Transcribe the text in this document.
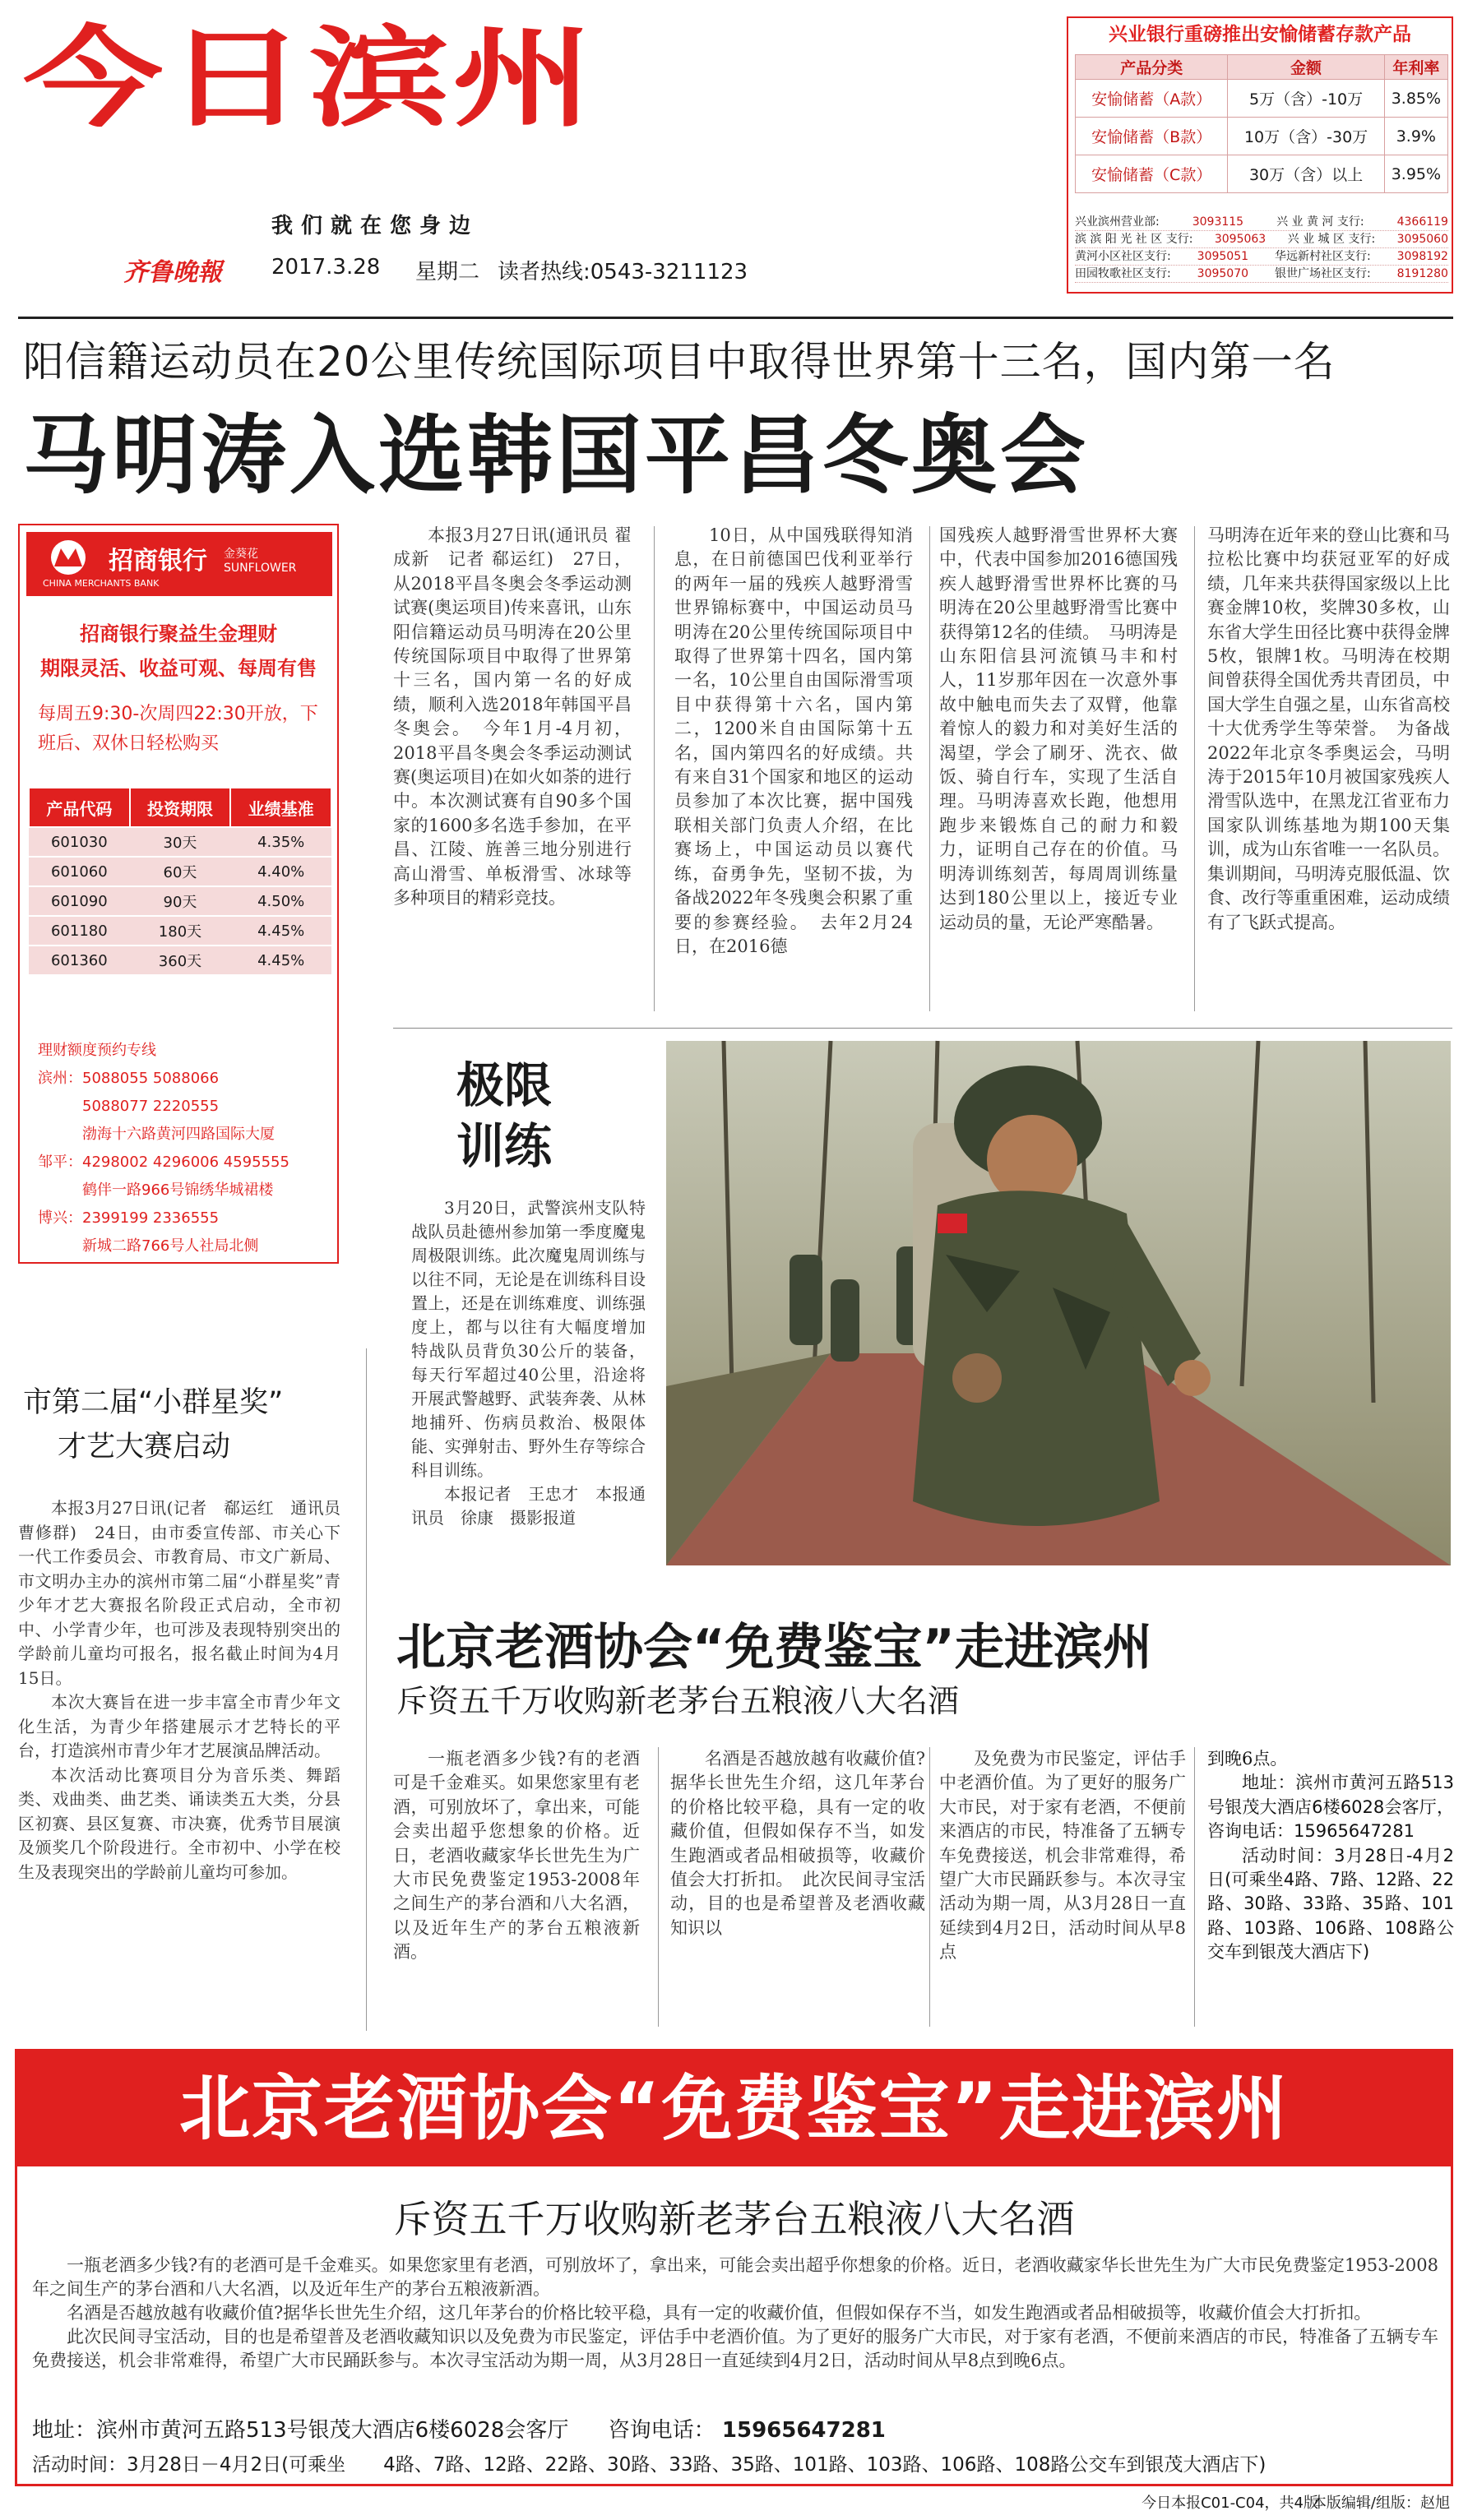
今日滨州
我们就在您身边
齐鲁晚報 2017.3.28 星期二 读者热线:0543-3211123
兴业银行重磅推出安愉储蓄存款产品
产品分类	金额	年利率
安愉储蓄（A款）	5万（含）-10万	3.85%
安愉储蓄（B款）	10万（含）-30万	3.9%
安愉储蓄（C款）	30万（含）以上	3.95%
兴业滨州营业部:	3093115	兴 业 黄 河 支行:	4366119
滨 滨 阳 光 社 区 支行: 3095063 兴 业 城 区 支行: 3095060
黄河小区社区支行: 3095051 华远新村社区支行: 3098192
田园牧歌社区支行: 3095070 银世广场社区支行: 8191280
阳信籍运动员在20公里传统国际项目中取得世界第十三名，国内第一名
马明涛入选韩国平昌冬奥会
招商银行
CHINA MERCHANTS BANK
金葵花 SUNFLOWER
招商银行聚益生金理财
期限灵活、收益可观、每周有售
每周五9:30-次周四22:30开放，下班后、双休日轻松购买
产品代码	投资期限	业绩基准
601030	30天	4.35%
601060	60天	4.40%
601090	90天	4.50%
601180	180天	4.45%
601360	360天	4.45%
理财额度预约专线
滨州：5088055 5088066
　　　5088077 2220555
　　　渤海十六路黄河四路国际大厦
邹平：4298002 4296006 4595555
　　　鹤伴一路966号锦绣华城裙楼
博兴：2399199 2336555
　　　新城二路766号人社局北侧
本报3月27日讯(通讯员 翟成新　记者 郗运红)　27日，从2018平昌冬奥会冬季运动测试赛(奥运项目)传来喜讯，山东阳信籍运动员马明涛在20公里传统国际项目中取得了世界第十三名，国内第一名的好成绩，顺利入选2018年韩国平昌冬奥会。　今年1月-4月初，2018平昌冬奥会冬季运动测试赛(奥运项目)在如火如荼的进行中。本次测试赛有自90多个国家的1600多名选手参加，在平昌、江陵、旌善三地分别进行高山滑雪、单板滑雪、冰球等多种项目的精彩竞技。
10日，从中国残联得知消息，在日前德国巴伐利亚举行的两年一届的残疾人越野滑雪世界锦标赛中，中国运动员马明涛在20公里传统国际项目中取得了世界第十四名，国内第一名，10公里自由国际滑雪项目中获得第十六名，国内第二，1200米自由国际第十五名，国内第四名的好成绩。共有来自31个国家和地区的运动员参加了本次比赛，据中国残联相关部门负责人介绍，在比赛场上，中国运动员以赛代练，奋勇争先，坚韧不拔，为备战2022年冬残奥会积累了重要的参赛经验。　去年2月24日，在2016德
国残疾人越野滑雪世界杯大赛中，代表中国参加2016德国残疾人越野滑雪世界杯比赛的马明涛在20公里越野滑雪比赛中获得第12名的佳绩。　马明涛是山东阳信县河流镇马丰和村人，11岁那年因在一次意外事故中触电而失去了双臂，他靠着惊人的毅力和对美好生活的渴望，学会了刷牙、洗衣、做饭、骑自行车，实现了生活自理。马明涛喜欢长跑，他想用跑步来锻炼自己的耐力和毅力，证明自己存在的价值。马明涛训练刻苦，每周周训练量达到180公里以上，接近专业运动员的量，无论严寒酷暑。
马明涛在近年来的登山比赛和马拉松比赛中均获冠亚军的好成绩，几年来共获得国家级以上比赛金牌10枚，奖牌30多枚，山东省大学生田径比赛中获得金牌5枚，银牌1枚。马明涛在校期间曾获得全国优秀共青团员，中国大学生自强之星，山东省高校十大优秀学生等荣誉。　为备战2022年北京冬季奥运会，马明涛于2015年10月被国家残疾人滑雪队选中，在黑龙江省亚布力国家队训练基地为期100天集训，成为山东省唯一一名队员。集训期间，马明涛克服低温、饮食、改行等重重困难，运动成绩有了飞跃式提高。
极限
训练
3月20日，武警滨州支队特战队员赴德州参加第一季度魔鬼周极限训练。此次魔鬼周训练与以往不同，无论是在训练科目设置上，还是在训练难度、训练强度上，都与以往有大幅度增加 特战队员背负30公斤的装备，每天行军超过40公里，沿途将开展武警越野、武装奔袭、从林地捕歼、伤病员救治、极限体能、实弹射击、野外生存等综合科目训练。
本报记者　王忠才　本报通讯员　徐康　摄影报道
市第二届“小群星奖”
才艺大赛启动

本报3月27日讯(记者　郗运红　通讯员　曹修群)　24日，由市委宣传部、市关心下一代工作委员会、市教育局、市文广新局、市文明办主办的滨州市第二届“小群星奖”青少年才艺大赛报名阶段正式启动，全市初中、小学青少年，也可涉及表现特别突出的学龄前儿童均可报名，报名截止时间为4月15日。

本次大赛旨在进一步丰富全市青少年文化生活，为青少年搭建展示才艺特长的平台，打造滨州市青少年才艺展演品牌活动。

本次活动比赛项目分为音乐类、舞蹈类、戏曲类、曲艺类、诵读类五大类，分县区初赛、县区复赛、市决赛，优秀节目展演及颁奖几个阶段进行。全市初中、小学在校生及表现突出的学龄前儿童均可参加。

北京老酒协会“免费鉴宝”走进滨州
斥资五千万收购新老茅台五粮液八大名酒
一瓶老酒多少钱?有的老酒可是千金难买。如果您家里有老酒，可别放坏了，拿出来，可能会卖出超乎您想象的价格。近日，老酒收藏家华长世先生为广大市民免费鉴定1953-2008年之间生产的茅台酒和八大名酒，以及近年生产的茅台五粮液新酒。
名酒是否越放越有收藏价值?据华长世先生介绍，这几年茅台的价格比较平稳，具有一定的收藏价值，但假如保存不当，如发生跑酒或者品相破损等，收藏价值会大打折扣。　此次民间寻宝活动，目的也是希望普及老酒收藏知识以
及免费为市民鉴定，评估手中老酒价值。为了更好的服务广大市民，对于家有老酒，不便前来酒店的市民，特准备了五辆专车免费接送，机会非常难得，希望广大市民踊跃参与。本次寻宝活动为期一周，从3月28日一直延续到4月2日，活动时间从早8点
到晚6点。
地址：滨州市黄河五路513号银茂大酒店6楼6028会客厅，咨询电话：15965647281
活动时间：3月28日-4月2日(可乘坐4路、7路、12路、22路、30路、33路、35路、101路、103路、106路、108路公交车到银茂大酒店下)
北京老酒协会“免费鉴宝”走进滨州
斥资五千万收购新老茅台五粮液八大名酒

一瓶老酒多少钱?有的老酒可是千金难买。如果您家里有老酒，可别放坏了，拿出来，可能会卖出超乎你想象的价格。近日，老酒收藏家华长世先生为广大市民免费鉴定1953-2008年之间生产的茅台酒和八大名酒，以及近年生产的茅台五粮液新酒。

名酒是否越放越有收藏价值?据华长世先生介绍，这几年茅台的价格比较平稳，具有一定的收藏价值，但假如保存不当，如发生跑酒或者品相破损等，收藏价值会大打折扣。

此次民间寻宝活动，目的也是希望普及老酒收藏知识以及免费为市民鉴定，评估手中老酒价值。为了更好的服务广大市民，对于家有老酒，不便前来酒店的市民，特准备了五辆专车免费接送，机会非常难得，希望广大市民踊跃参与。本次寻宝活动为期一周，从3月28日一直延续到4月2日，活动时间从早8点到晚6点。

地址：滨州市黄河五路513号银茂大酒店6楼6028会客厅 咨询电话： 15965647281
活动时间：3月28日－4月2日(可乘坐　　4路、7路、12路、22路、30路、33路、35路、101路、103路、106路、108路公交车到银茂大酒店下)
今日本报C01-C04，共4版
本版编辑/组版：赵旭
